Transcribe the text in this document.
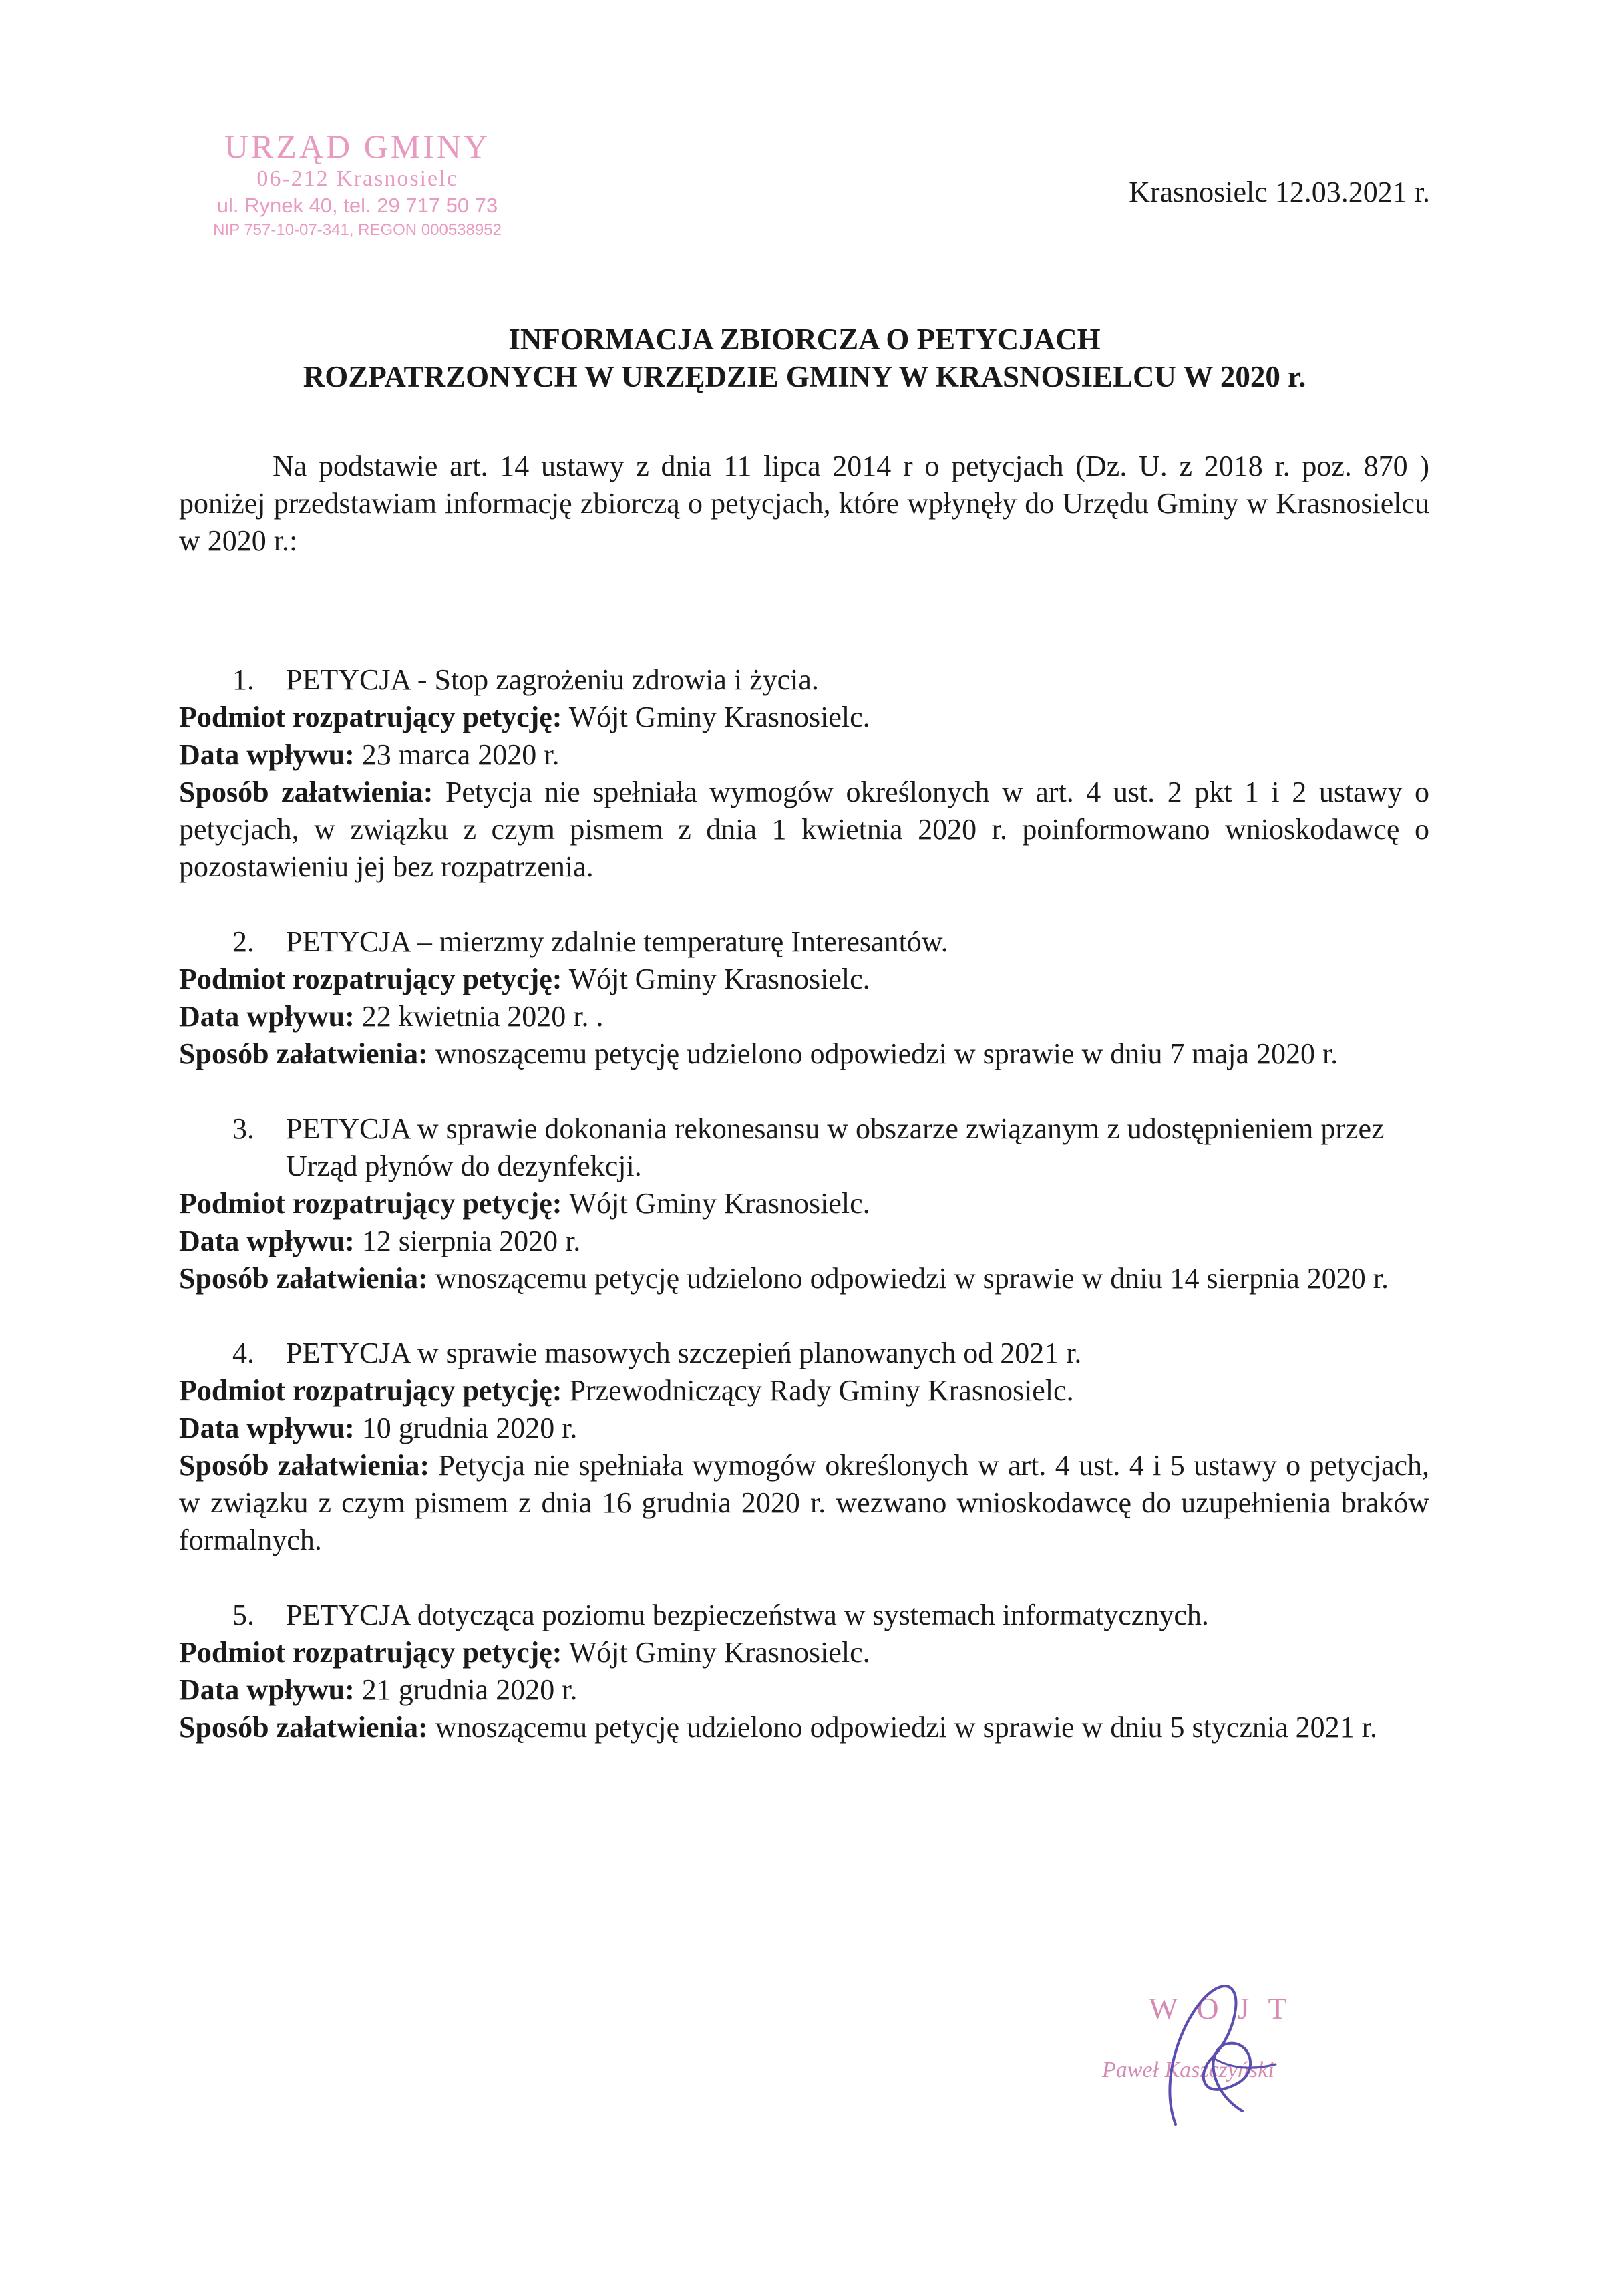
URZĄD GMINY
06-212 Krasnosielc
ul. Rynek 40, tel. 29 717 50 73
NIP 757-10-07-341, REGON 000538952
Krasnosielc 12.03.2021 r.
INFORMACJA ZBIORCZA O PETYCJACH
ROZPATRZONYCH W URZĘDZIE GMINY W KRASNOSIELCU W 2020 r.
Na podstawie art. 14 ustawy z dnia 11 lipca 2014 r o petycjach (Dz. U. z 2018 r. poz. 870 ) poniżej przedstawiam informację zbiorczą o petycjach, które wpłynęły do Urzędu Gminy w Krasnosielcu w 2020 r.:
1.	PETYCJA - Stop zagrożeniu zdrowia i życia.
Podmiot rozpatrujący petycję: Wójt Gminy Krasnosielc.
Data wpływu: 23 marca 2020 r.
Sposób załatwienia: Petycja nie spełniała wymogów określonych w art. 4 ust. 2 pkt 1 i 2 ustawy o petycjach, w związku z czym pismem z dnia 1 kwietnia 2020 r. poinformowano wnioskodawcę o pozostawieniu jej bez rozpatrzenia.
2.	PETYCJA – mierzmy zdalnie temperaturę Interesantów.
Podmiot rozpatrujący petycję: Wójt Gminy Krasnosielc.
Data wpływu: 22 kwietnia 2020 r. .
Sposób załatwienia: wnoszącemu petycję udzielono odpowiedzi w sprawie w dniu 7 maja 2020 r.
3.	PETYCJA w sprawie dokonania rekonesansu w obszarze związanym z udostępnieniem przez Urząd płynów do dezynfekcji.
Podmiot rozpatrujący petycję: Wójt Gminy Krasnosielc.
Data wpływu: 12 sierpnia 2020 r.
Sposób załatwienia: wnoszącemu petycję udzielono odpowiedzi w sprawie w dniu 14 sierpnia 2020 r.
4.	PETYCJA w sprawie masowych szczepień planowanych od 2021 r.
Podmiot rozpatrujący petycję: Przewodniczący Rady Gminy Krasnosielc.
Data wpływu: 10 grudnia 2020 r.
Sposób załatwienia: Petycja nie spełniała wymogów określonych w art. 4 ust. 4 i 5 ustawy o petycjach, w związku z czym pismem z dnia 16 grudnia 2020 r. wezwano wnioskodawcę do uzupełnienia braków formalnych.
5.	PETYCJA dotycząca poziomu bezpieczeństwa w systemach informatycznych.
Podmiot rozpatrujący petycję: Wójt Gminy Krasnosielc.
Data wpływu: 21 grudnia 2020 r.
Sposób załatwienia: wnoszącemu petycję udzielono odpowiedzi w sprawie w dniu 5 stycznia 2021 r.
WÓJT
Paweł Kaszczyński
